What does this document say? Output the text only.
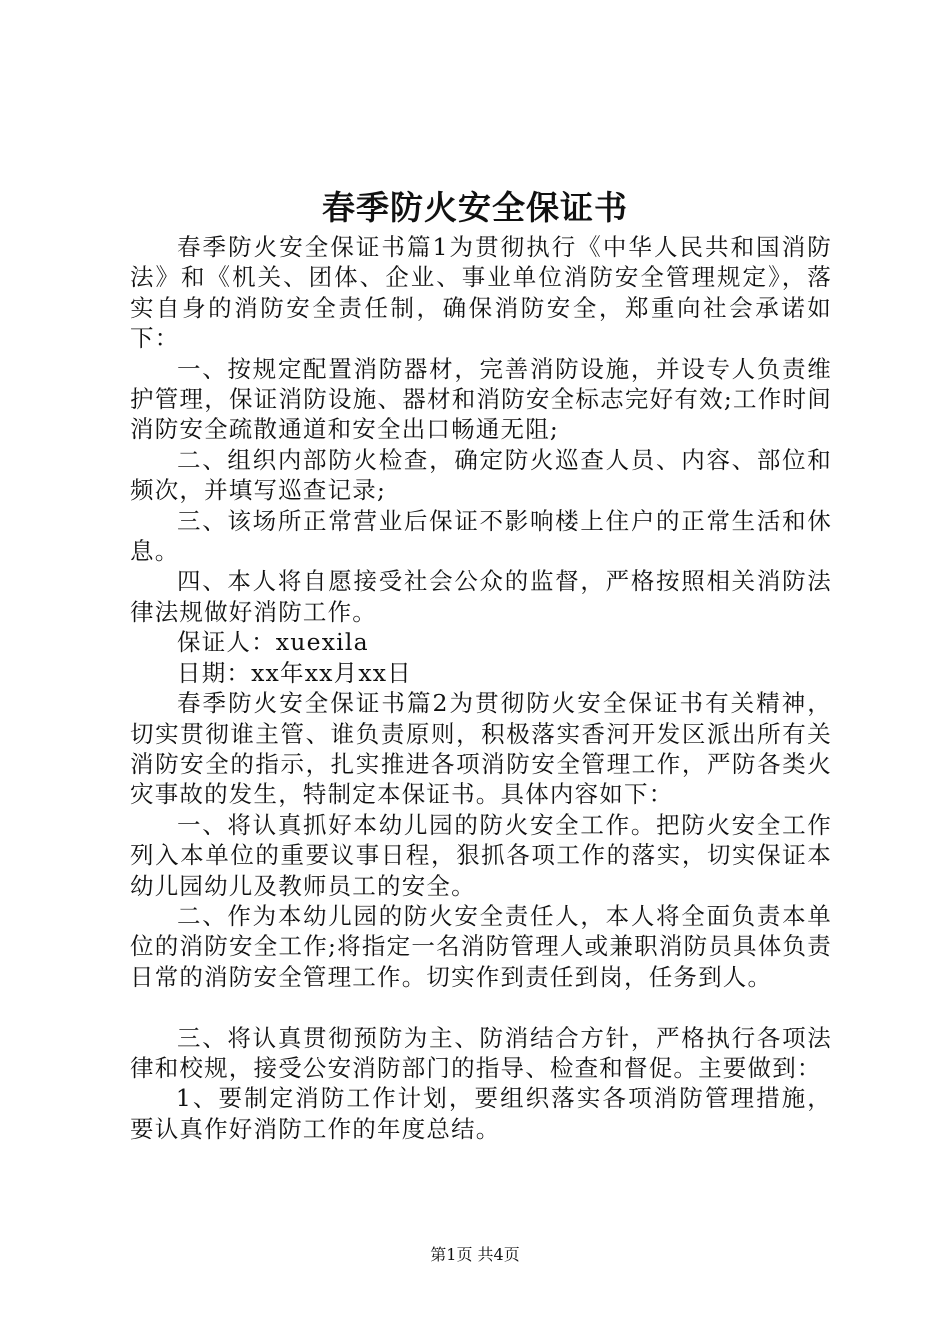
春季防火安全保证书

春季防火安全保证书篇1为贯彻执行《中华人民共和国消防法》和《机关、团体、企业、事业单位消防安全管理规定》，落实自身的消防安全责任制，确保消防安全，郑重向社会承诺如下：

一、按规定配置消防器材，完善消防设施，并设专人负责维护管理，保证消防设施、器材和消防安全标志完好有效;工作时间消防安全疏散通道和安全出口畅通无阻;

二、组织内部防火检查，确定防火巡查人员、内容、部位和频次，并填写巡查记录;

三、该场所正常营业后保证不影响楼上住户的正常生活和休息。

四、本人将自愿接受社会公众的监督，严格按照相关消防法律法规做好消防工作。

保证人：xuexila

日期：xx年xx月xx日

春季防火安全保证书篇2为贯彻防火安全保证书有关精神，切实贯彻谁主管、谁负责原则，积极落实香河开发区派出所有关消防安全的指示，扎实推进各项消防安全管理工作，严防各类火灾事故的发生，特制定本保证书。具体内容如下：

一、将认真抓好本幼儿园的防火安全工作。把防火安全工作列入本单位的重要议事日程，狠抓各项工作的落实，切实保证本幼儿园幼儿及教师员工的安全。

二、作为本幼儿园的防火安全责任人，本人将全面负责本单位的消防安全工作;将指定一名消防管理人或兼职消防员具体负责日常的消防安全管理工作。切实作到责任到岗，任务到人。

三、将认真贯彻预防为主、防消结合方针，严格执行各项法律和校规，接受公安消防部门的指导、检查和督促。主要做到：

1、要制定消防工作计划，要组织落实各项消防管理措施，要认真作好消防工作的年度总结。

第1页 共4页
